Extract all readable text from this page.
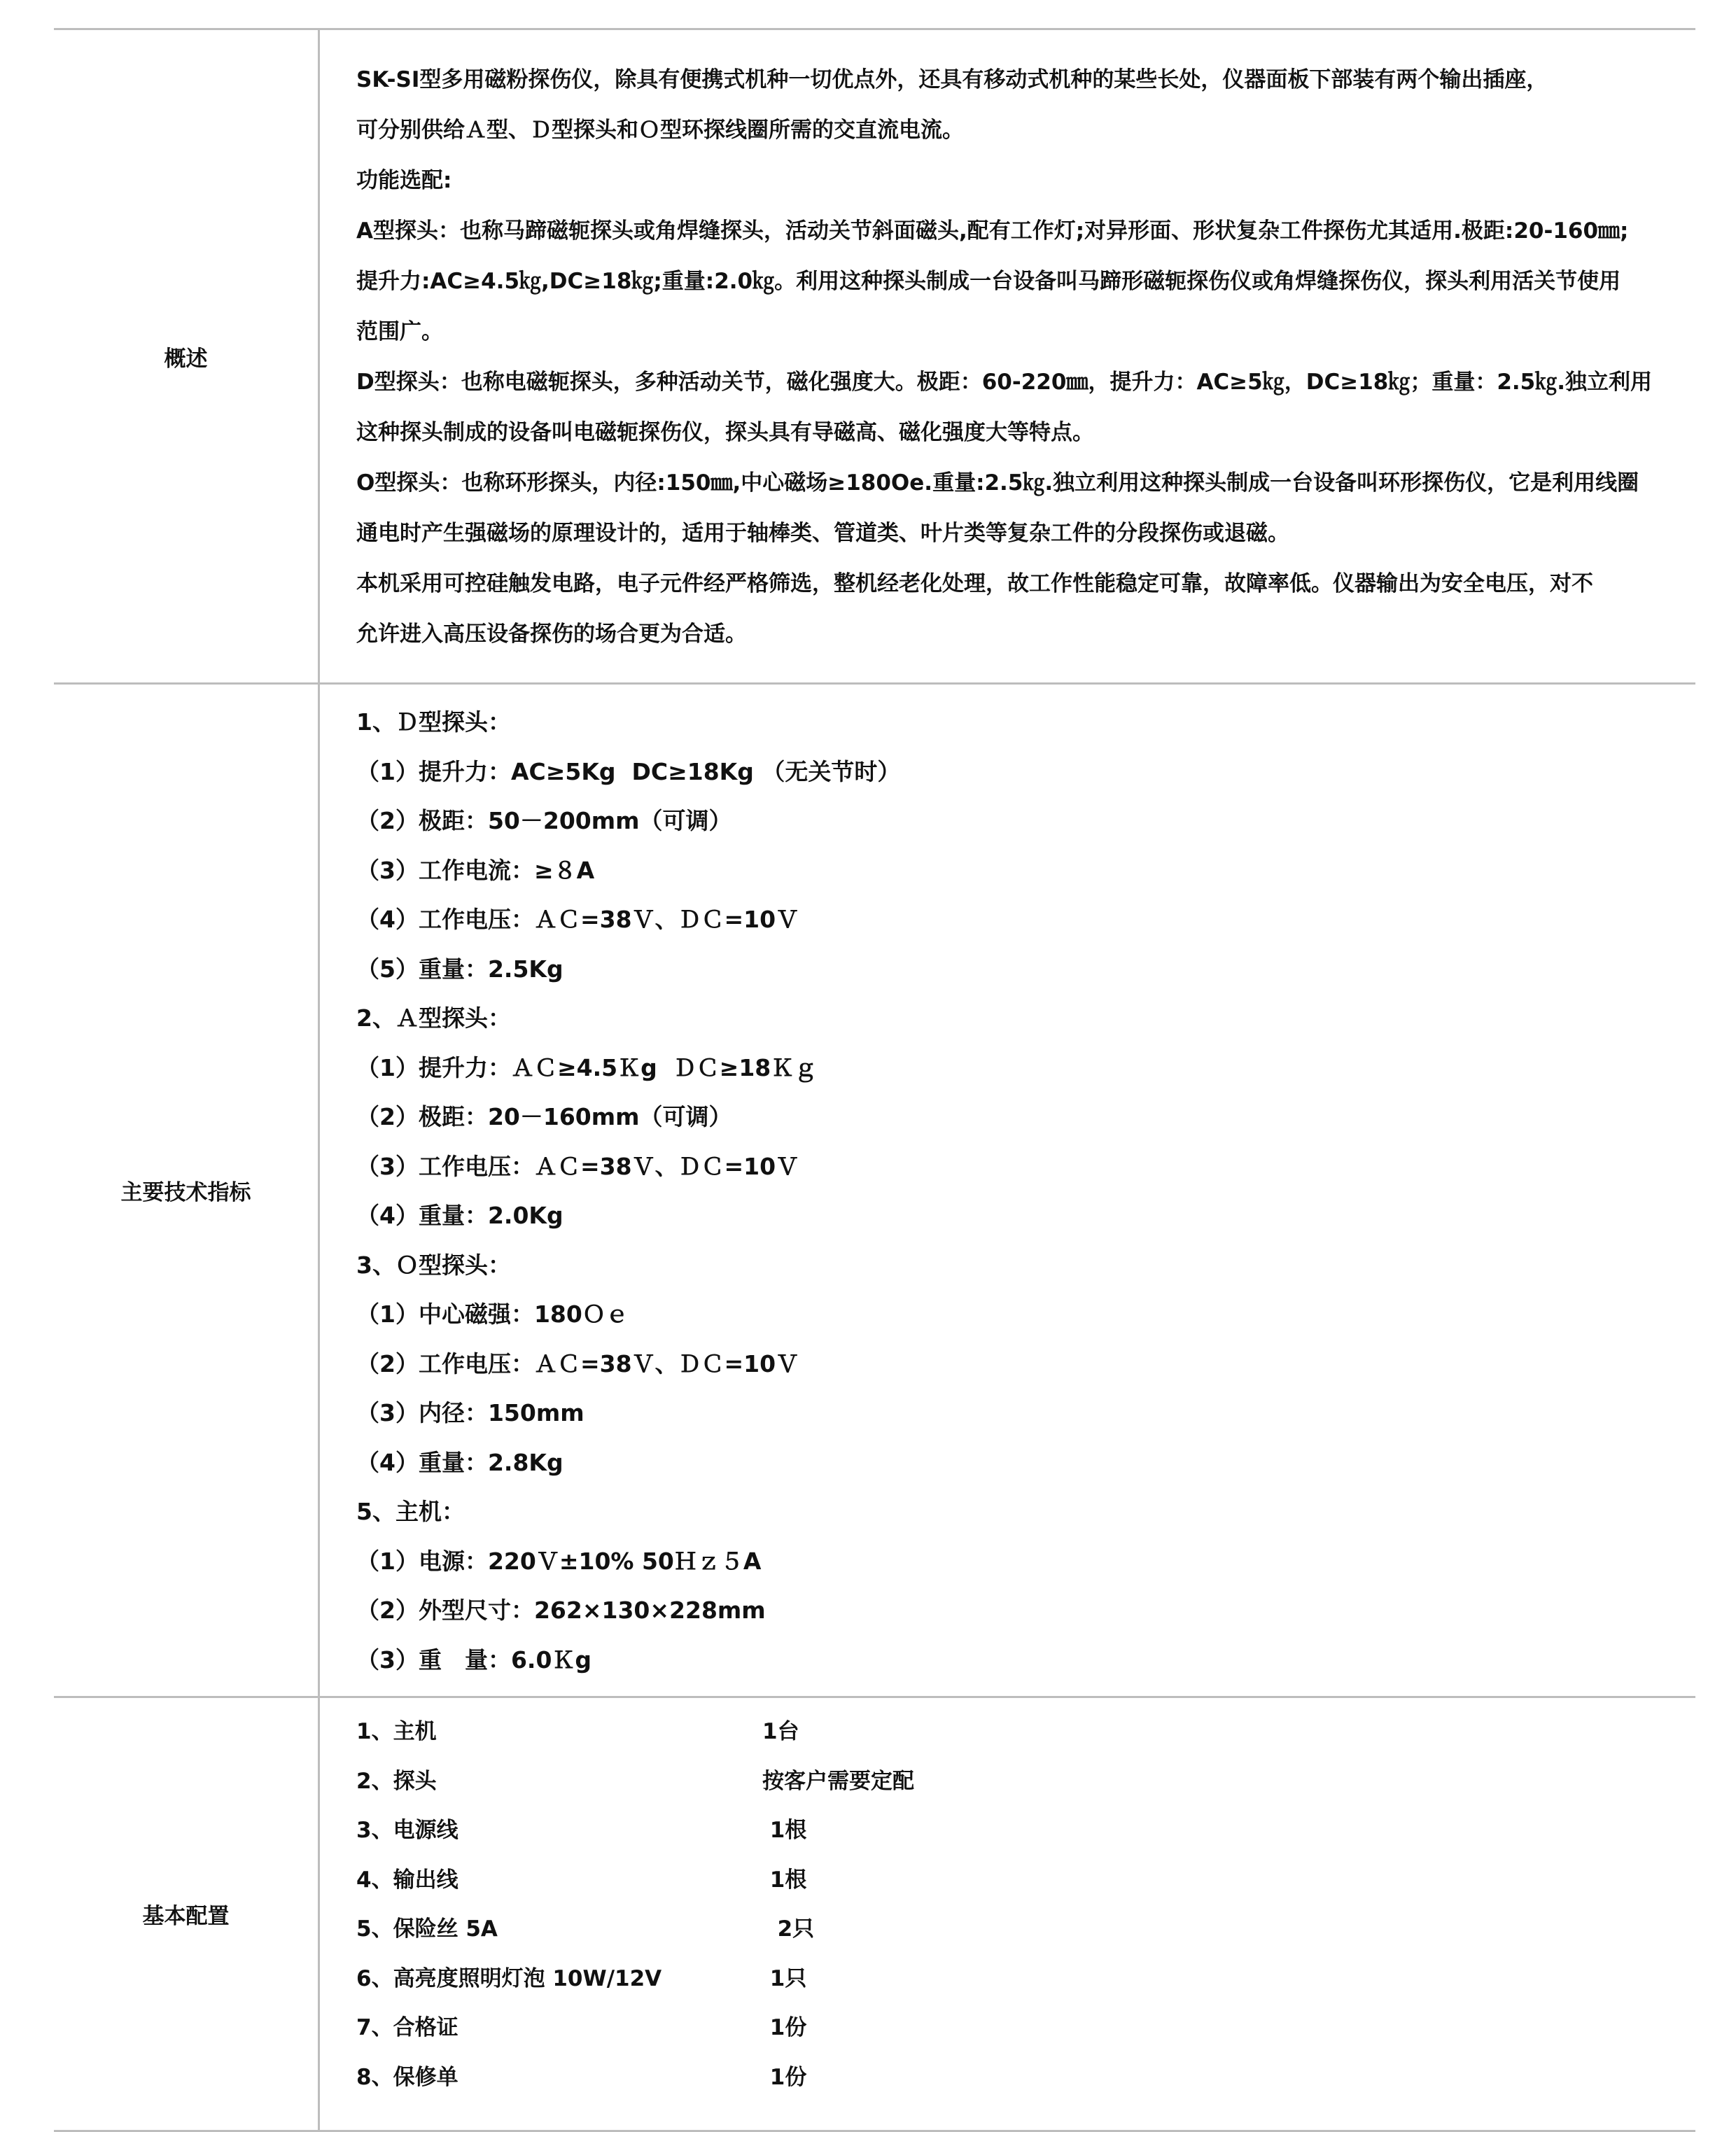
概述

SK-SI型多用磁粉探伤仪，除具有便携式机种一切优点外，还具有移动式机种的某些长处，仪器面板下部装有两个输出插座，

可分别供给Ａ型、Ｄ型探头和Ｏ型环探线圈所需的交直流电流。

功能选配:

A型探头：也称马蹄磁轭探头或角焊缝探头，活动关节斜面磁头,配有工作灯;对异形面、形状复杂工件探伤尤其适用.极距:20-160㎜;

提升力:AC≥4.5㎏,DC≥18㎏;重量:2.0㎏。利用这种探头制成一台设备叫马蹄形磁轭探伤仪或角焊缝探伤仪，探头利用活关节使用

范围广。

D型探头：也称电磁轭探头，多种活动关节，磁化强度大。极距：60-220㎜，提升力：AC≥5㎏，DC≥18㎏；重量：2.5㎏.独立利用

这种探头制成的设备叫电磁轭探伤仪，探头具有导磁高、磁化强度大等特点。

O型探头：也称环形探头，内径:150㎜,中心磁场≥180Oe.重量:2.5㎏.独立利用这种探头制成一台设备叫环形探伤仪，它是利用线圈

通电时产生强磁场的原理设计的，适用于轴棒类、管道类、叶片类等复杂工件的分段探伤或退磁。

本机采用可控硅触发电路，电子元件经严格筛选，整机经老化处理，故工作性能稳定可靠，故障率低。仪器输出为安全电压，对不

允许进入高压设备探伤的场合更为合适。

主要技术指标
1、Ｄ型探头：
（1）提升力：AC≥5Kg  DC≥18Kg （无关节时）
（2）极距：50－200mm（可调）
（3）工作电流：≥８A
（4）工作电压：ＡＣ=38Ｖ、ＤＣ=10Ｖ
（5）重量：2.5Kg
2、Ａ型探头：
（1）提升力：ＡＣ≥4.5Ｋg  ＤＣ≥18Ｋｇ
（2）极距：20－160mm（可调）
（3）工作电压：ＡＣ=38Ｖ、ＤＣ=10Ｖ
（4）重量：2.0Kg
3、Ｏ型探头：
（1）中心磁强：180Ｏｅ
（2）工作电压：ＡＣ=38Ｖ、ＤＣ=10Ｖ
（3）内径：150mm
（4）重量：2.8Kg
5、主机：
（1）电源：220Ｖ±10% 50Ｈｚ５A
（2）外型尺寸：262×130×228mm
（3）重　量：6.0Ｋg
基本配置
1、主机	1台
2、探头	按客户需要定配
3、电源线	1根
4、输出线	1根
5、保险丝 5A	2只
6、高亮度照明灯泡 10W/12V	1只
7、合格证	1份
8、保修单	1份
